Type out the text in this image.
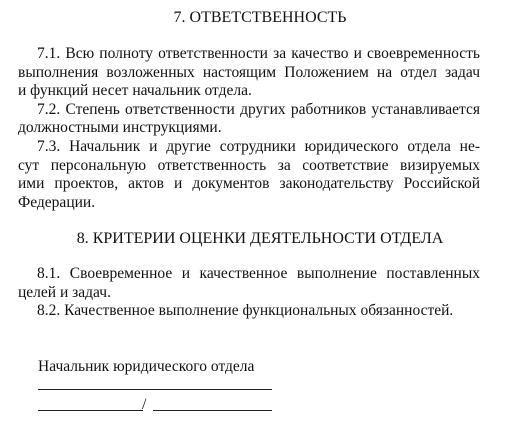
7. ОТВЕТСТВЕННОСТЬ
7.1. Всю полноту ответственности за качество и своевременность
выполнения возложенных настоящим Положением на отдел задач
и функций несет начальник отдела.
7.2. Степень ответственности других работников устанавливается
должностными инструкциями.
7.3. Начальник и другие сотрудники юридического отдела не-
сут персональную ответственность за соответствие визируемых
ими проектов, актов и документов законодательству Российской
Федерации.
8. КРИТЕРИИ ОЦЕНКИ ДЕЯТЕЛЬНОСТИ ОТДЕЛА
8.1. Своевременное и качественное выполнение поставленных
целей и задач.
8.2. Качественное выполнение функциональных обязанностей.
Начальник юридического отдела
/
